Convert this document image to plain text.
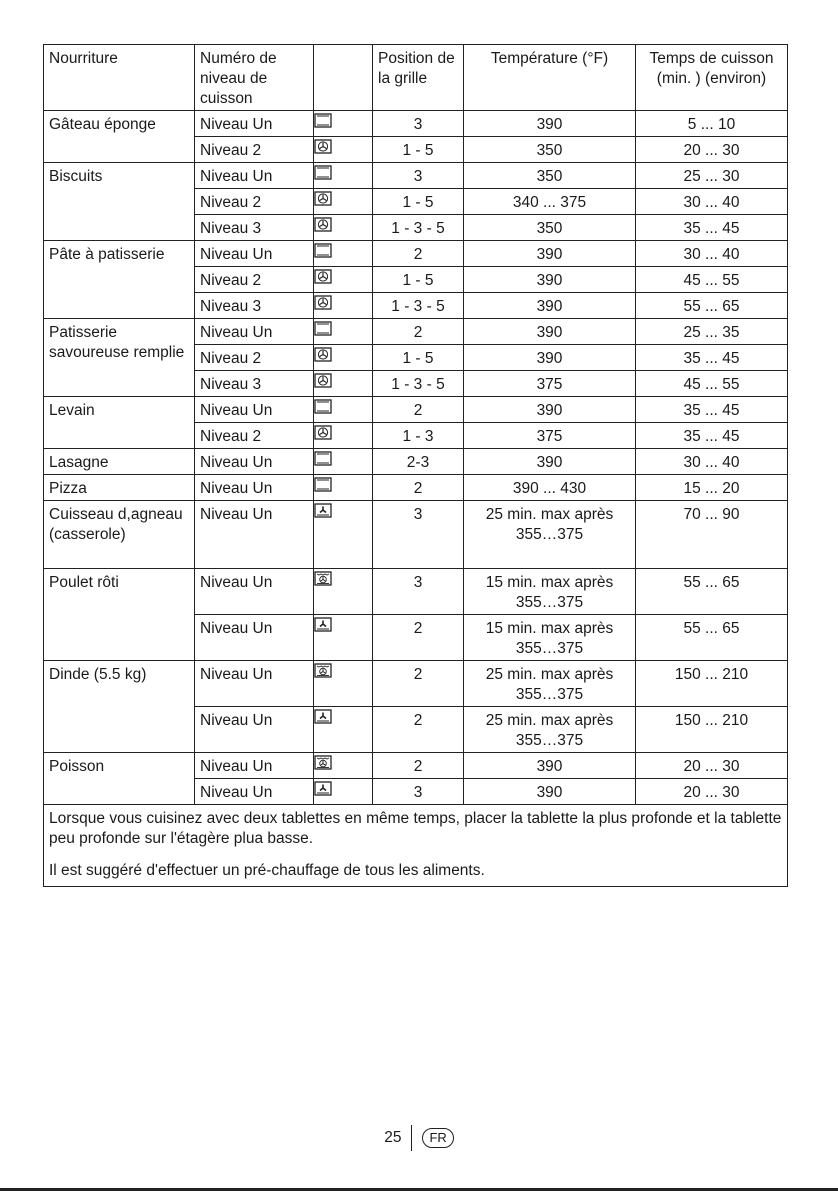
Nourriture	Numéro de niveau de cuisson		Position de la grille	Température (°F)	Temps de cuisson (min. ) (environ)
Gâteau éponge	Niveau Un		3	390	5 ... 10
	Niveau 2		1 - 5	350	20 ... 30
Biscuits	Niveau Un		3	350	25 ... 30
	Niveau 2		1 - 5	340 ... 375	30 ... 40
	Niveau 3		1 - 3 - 5	350	35 ... 45
Pâte à patisserie	Niveau Un		2	390	30 ... 40
	Niveau 2		1 - 5	390	45 ... 55
	Niveau 3		1 - 3 - 5	390	55 ... 65
Patisserie savoureuse remplie	Niveau Un		2	390	25 ... 35
	Niveau 2		1 - 5	390	35 ... 45
	Niveau 3		1 - 3 - 5	375	45 ... 55
Levain	Niveau Un		2	390	35 ... 45
	Niveau 2		1 - 3	375	35 ... 45
Lasagne	Niveau Un		2-3	390	30 ... 40
Pizza	Niveau Un		2	390 ... 430	15 ... 20
Cuisseau d,agneau (casserole)	Niveau Un		3	25 min. max après 355…375	70 ... 90
Poulet rôti	Niveau Un		3	15 min. max après 355…375	55 ... 65
	Niveau Un		2	15 min. max après 355…375	55 ... 65
Dinde (5.5 kg)	Niveau Un		2	25 min. max après 355…375	150 ... 210
	Niveau Un		2	25 min. max après 355…375	150 ... 210
Poisson	Niveau Un		2	390	20 ... 30
	Niveau Un		3	390	20 ... 30

Lorsque vous cuisinez avec deux tablettes en même temps, placer la tablette la plus profonde et la tablette peu profonde sur l'étagère plua basse.

Il est suggéré d'effectuer un pré-chauffage de tous les aliments.					

25 FR
